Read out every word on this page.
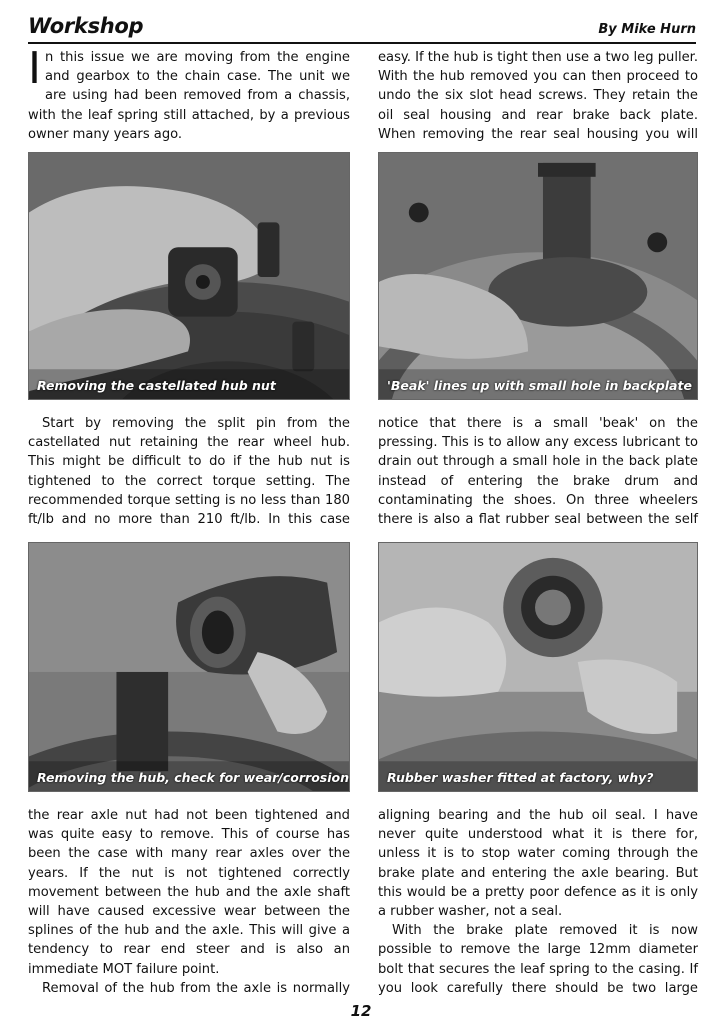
Workshop	By Mike Hurn

In this issue we are moving from the engine and gearbox to the chain case. The unit we are using had been removed from a chassis, with the leaf spring still attached, by a previous owner many years ago.

easy. If the hub is tight then use a two leg puller. With the hub removed you can then proceed to undo the six slot head screws. They retain the oil seal housing and rear brake back plate. When removing the rear seal housing you will

Removing the castellated hub nut	'Beak' lines up with small hole in backplate

Start by removing the split pin from the castellated nut retaining the rear wheel hub. This might be difficult to do if the hub nut is tightened to the correct torque setting. The recommended torque setting is no less than 180 ft/lb and no more than 210 ft/lb. In this case

notice that there is a small 'beak' on the pressing. This is to allow any excess lubricant to drain out through a small hole in the back plate instead of entering the brake drum and contaminating the shoes. On three wheelers there is also a flat rubber seal between the self

Removing the hub, check for wear/corrosion	Rubber washer fitted at factory, why?

the rear axle nut had not been tightened and was quite easy to remove. This of course has been the case with many rear axles over the years. If the nut is not tightened correctly movement between the hub and the axle shaft will have caused excessive wear between the splines of the hub and the axle. This will give a tendency to rear end steer and is also an immediate MOT failure point.

Removal of the hub from the axle is normally

aligning bearing and the hub oil seal. I have never quite understood what it is there for, unless it is to stop water coming through the brake plate and entering the axle bearing. But this would be a pretty poor defence as it is only a rubber washer, not a seal.

With the brake plate removed it is now possible to remove the large 12mm diameter bolt that secures the leaf spring to the casing. If you look carefully there should be two large

12
